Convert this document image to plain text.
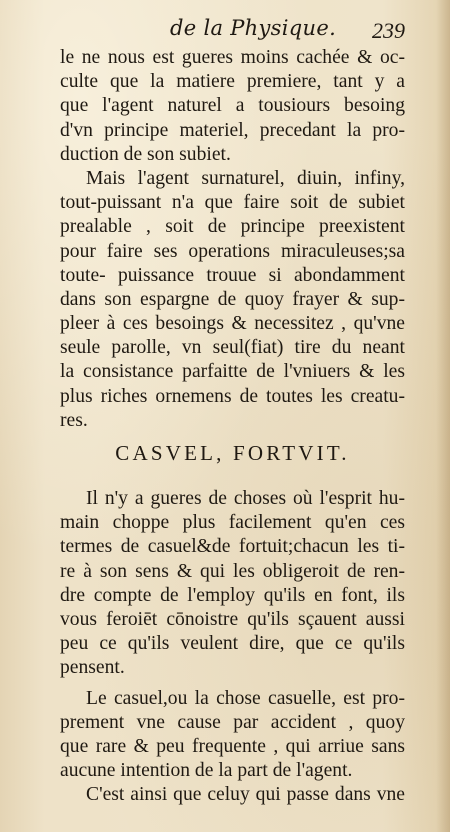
de la Physique. 239
le ne nous est gueres moins cachée & oc-
culte que la matiere premiere, tant y a
que l'agent naturel a tousiours besoing
d'vn principe materiel, precedant la pro-
duction de son subiet.
Mais l'agent surnaturel, diuin, infiny,
tout-puissant n'a que faire soit de subiet
prealable , soit de principe preexistent
pour faire ses operations miraculeuses;sa
toute- puissance trouue si abondamment
dans son espargne de quoy frayer & sup-
pleer à ces besoings & necessitez , qu'vne
seule parolle, vn seul(fiat) tire du neant
la consistance parfaitte de l'vniuers & les
plus riches ornemens de toutes les creatu-
res.
CASVEL, FORTVIT.
Il n'y a gueres de choses où l'esprit hu-
main choppe plus facilement qu'en ces
termes de casuel&de fortuit;chacun les ti-
re à son sens & qui les obligeroit de ren-
dre compte de l'employ qu'ils en font, ils
vous feroiēt cōnoistre qu'ils sçauent aussi
peu ce qu'ils veulent dire, que ce qu'ils
pensent.
Le casuel,ou la chose casuelle, est pro-
prement vne cause par accident , quoy
que rare & peu frequente , qui arriue sans
aucune intention de la part de l'agent.
C'est ainsi que celuy qui passe dans vne
